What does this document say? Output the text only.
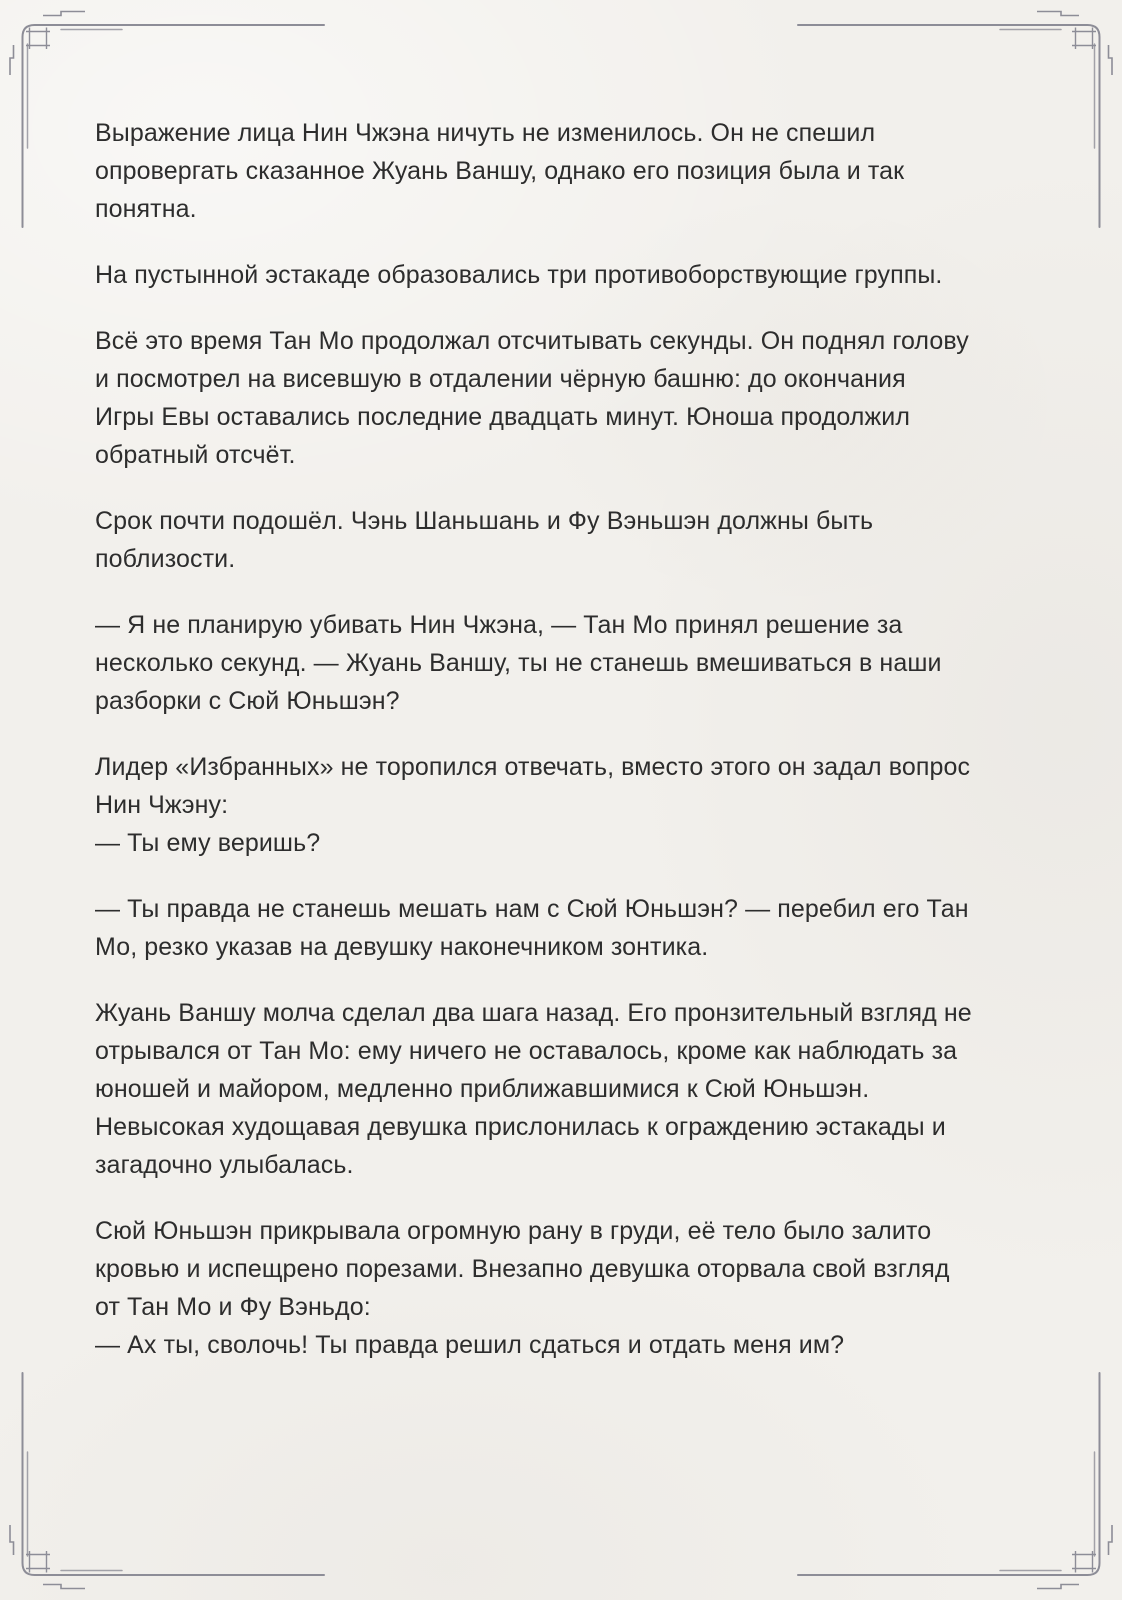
Выражение лица Нин Чжэна ничуть не изменилось. Он не спешил
опровергать сказанное Жуань Ваншу, однако его позиция была и так
понятна.

На пустынной эстакаде образовались три противоборствующие группы.

Всё это время Тан Мо продолжал отсчитывать секунды. Он поднял голову
и посмотрел на висевшую в отдалении чёрную башню: до окончания
Игры Евы оставались последние двадцать минут. Юноша продолжил
обратный отсчёт.

Срок почти подошёл. Чэнь Шаньшань и Фу Вэньшэн должны быть
поблизости.

— Я не планирую убивать Нин Чжэна, — Тан Мо принял решение за
несколько секунд. — Жуань Ваншу, ты не станешь вмешиваться в наши
разборки с Сюй Юньшэн?

Лидер «Избранных» не торопился отвечать, вместо этого он задал вопрос
Нин Чжэну:
— Ты ему веришь?

— Ты правда не станешь мешать нам с Сюй Юньшэн? — перебил его Тан
Мо, резко указав на девушку наконечником зонтика.

Жуань Ваншу молча сделал два шага назад. Его пронзительный взгляд не
отрывался от Тан Мо: ему ничего не оставалось, кроме как наблюдать за
юношей и майором, медленно приближавшимися к Сюй Юньшэн.
Невысокая худощавая девушка прислонилась к ограждению эстакады и
загадочно улыбалась.

Сюй Юньшэн прикрывала огромную рану в груди, её тело было залито
кровью и испещрено порезами. Внезапно девушка оторвала свой взгляд
от Тан Мо и Фу Вэньдо:
— Ах ты, сволочь! Ты правда решил сдаться и отдать меня им?
